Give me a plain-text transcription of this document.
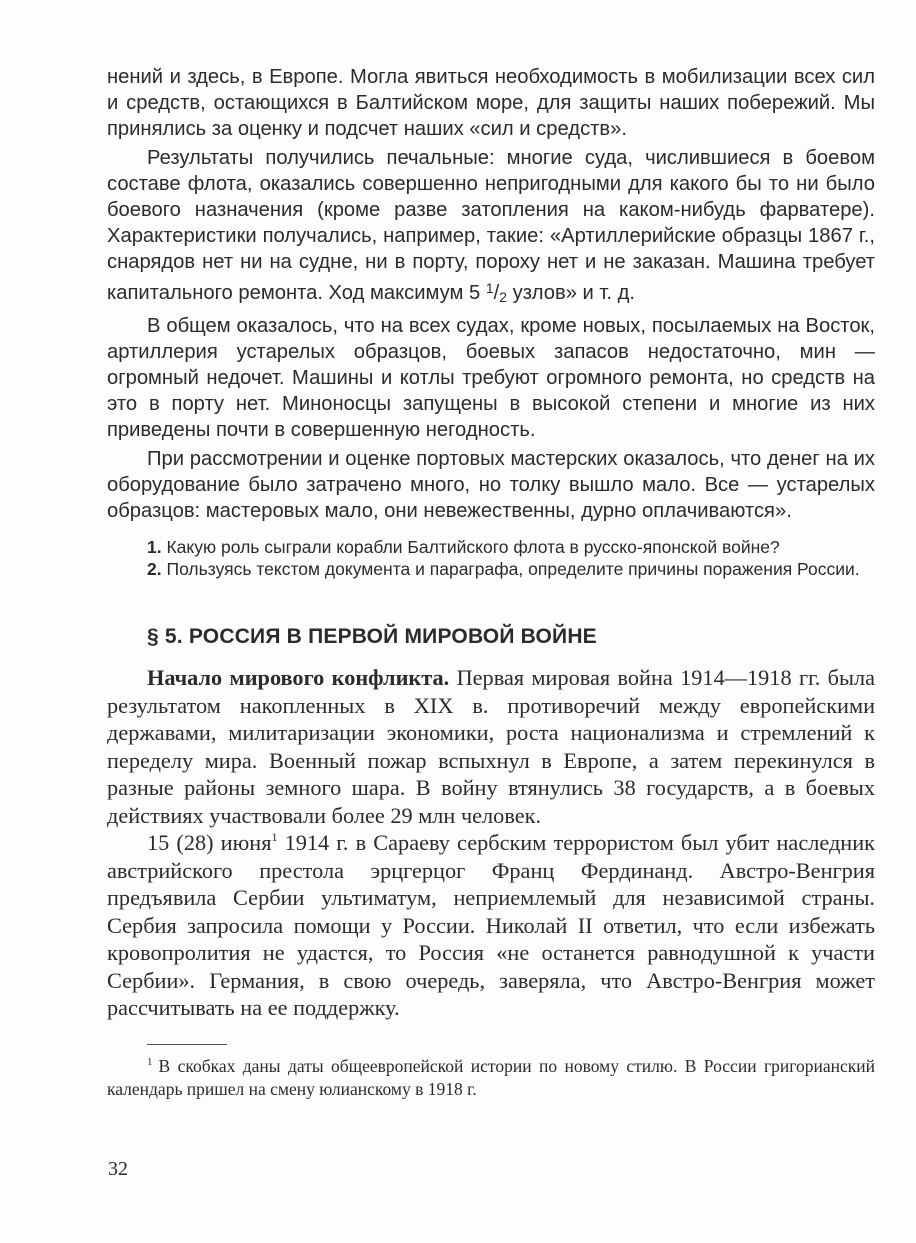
нений и здесь, в Европе. Могла явиться необходимость в мобилизации всех сил и средств, остающихся в Балтийском море, для защиты наших побережий. Мы принялись за оценку и подсчет наших «сил и средств».

Результаты получились печальные: многие суда, числившиеся в боевом составе флота, оказались совершенно непригодными для какого бы то ни было боевого назначения (кроме разве затопления на каком-нибудь фарватере). Характеристики получались, например, такие: «Артиллерийские образцы 1867 г., снарядов нет ни на судне, ни в порту, пороху нет и не заказан. Машина требует капитального ремонта. Ход максимум 5 $^1$/2 узлов» и т. д.

В общем оказалось, что на всех судах, кроме новых, посылаемых на Восток, артиллерия устарелых образцов, боевых запасов недостаточно, мин — огромный недочет. Машины и котлы требуют огромного ремонта, но средств на это в порту нет. Миноносцы запущены в высокой степени и многие из них приведены почти в совершенную негодность.

При рассмотрении и оценке портовых мастерских оказалось, что денег на их оборудование было затрачено много, но толку вышло мало. Все — устарелых образцов: мастеровых мало, они невежественны, дурно оплачиваются».

1. Какую роль сыграли корабли Балтийского флота в русско-японской войне?

2. Пользуясь текстом документа и параграфа, определите причины поражения России.

§ 5. РОССИЯ В ПЕРВОЙ МИРОВОЙ ВОЙНЕ

Начало мирового конфликта. Первая мировая война 1914—1918 гг. была результатом накопленных в XIX в. противоречий между европейскими державами, милитаризации экономики, роста национализма и стремлений к переделу мира. Военный пожар вспыхнул в Европе, а затем перекинулся в разные районы земного шара. В войну втянулись 38 государств, а в боевых действиях участвовали более 29 млн человек.

15 (28) июня$^1$ 1914 г. в Сараеву сербским террористом был убит наследник австрийского престола эрцгерцог Франц Фердинанд. Австро-Венгрия предъявила Сербии ультиматум, неприемлемый для независимой страны. Сербия запросила помощи у России. Николай II ответил, что если избежать кровопролития не удастся, то Россия «не останется равнодушной к участи Сербии». Германия, в свою очередь, заверяла, что Австро-Венгрия может рассчитывать на ее поддержку.

$^1$ В скобках даны даты общеевропейской истории по новому стилю. В России григорианский календарь пришел на смену юлианскому в 1918 г.
32
